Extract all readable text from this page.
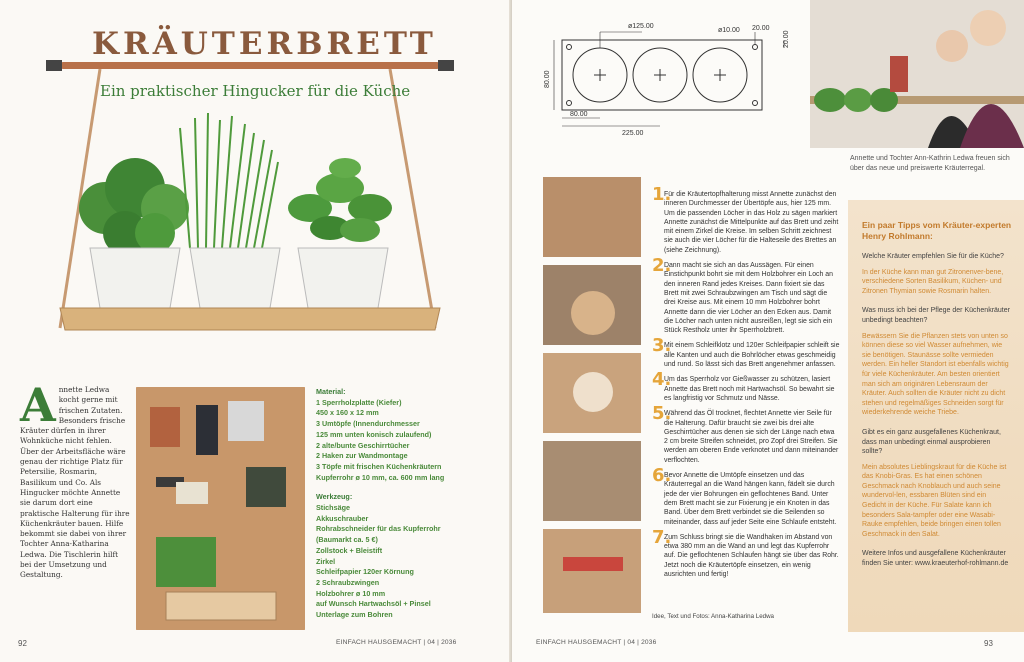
KRÄUTERBRETT
Ein praktischer Hingucker für die Küche
A nnette Ledwa kocht gerne mit frischen Zutaten. Besonders frische Kräuter dürfen in ihrer Wohnküche nicht fehlen. Über der Arbeitsfläche wäre genau der richtige Platz für Petersilie, Rosmarin, Basilikum und Co. Als Hingucker möchte Annette sie darum dort eine praktische Halterung für ihre Küchenkräuter bauen. Hilfe bekommt sie dabei von ihrer Tochter Anna-Katharina Ledwa. Die Tischlerin hilft bei der Umsetzung und Gestaltung.
Material:
1 Sperrholzplatte (Kiefer)
450 x 160 x 12 mm
3 Umtöpfe (Innendurchmesser
125 mm unten konisch zulaufend)
2 alte/bunte Geschirrtücher
2 Haken zur Wandmontage
3 Töpfe mit frischen Küchenkräutern
Kupferrohr ø 10 mm, ca. 600 mm lang
Werkzeug:
Stichsäge
Akkuschrauber
Rohrabschneider für das Kupferrohr
(Baumarkt ca. 5 €)
Zollstock + Bleistift
Zirkel
Schleifpapier 120er Körnung
2 Schraubzwingen
Holzbohrer ø 10 mm
auf Wunsch Hartwachsöl + Pinsel
Unterlage zum Bohren
92	EINFACH HAUSGEMACHT | 04 | 2036
ø125.00
ø10.00 20.00
20.00
80.00
80.00
225.00
Annette und Tochter Ann-Kathrin Ledwa freuen sich über das neue und preiswerte Kräuterregal.
1.
Für die Kräutertopfhalterung misst Annette zunächst den inneren Durchmesser der Übertöpfe aus, hier 125 mm. Um die passenden Löcher in das Holz zu sägen markiert Annette zunächst die Mittelpunkte auf das Brett und zeiht mit einem Zirkel die Kreise. Im selben Schritt zeichnest sie auch die vier Löcher für die Halteseile des Brettes an (siehe Zeichnung).
2.
Dann macht sie sich an das Aussägen. Für einen Einstichpunkt bohrt sie mit dem Holzbohrer ein Loch an den inneren Rand jedes Kreises. Dann fixiert sie das Brett mit zwei Schraubzwingen am Tisch und sägt die drei Kreise aus. Mit einem 10 mm Holzbohrer bohrt Annette dann die vier Löcher an den Ecken aus. Damit die Löcher nach unten nicht ausreißen, legt sie sich ein Stück Restholz unter ihr Sperrholzbrett.
3.
Mit einem Schleifklotz und 120er Schleifpapier schleift sie alle Kanten und auch die Bohrlöcher etwas geschmeidig und rund. So lässt sich das Brett angenehmer anfassen.
4.
Um das Sperrholz vor Gießwasser zu schützen, lasiert Annette das Brett noch mit Hartwachsöl. So bewahrt sie es langfristig vor Schmutz und Nässe.
5.
Während das Öl trocknet, flechtet Annette vier Seile für die Halterung. Dafür braucht sie zwei bis drei alte Geschirrtücher aus denen sie sich der Länge nach etwa 2 cm breite Streifen schneidet, pro Zopf drei Streifen. Sie werden am oberen Ende verknotet und dann miteinander verflochten.
6.
Bevor Annette die Umtöpfe einsetzen und das Kräuterregal an die Wand hängen kann, fädelt sie durch jede der vier Bohrungen ein geflochtenes Band. Unter dem Brett macht sie zur Fixierung je ein Knoten in das Band. Über dem Brett verbindet sie die Seilenden so miteinander, dass auf jeder Seite eine Schlaufe entsteht.
7.
Zum Schluss bringt sie die Wandhaken im Abstand von etwa 380 mm an die Wand an und legt das Kupferrohr auf. Die geflochtenen Schlaufen hängt sie über das Rohr. Jetzt noch die Kräutertöpfe einsetzen, ein wenig ausrichten und fertig!
Idee, Text und Fotos: Anna-Katharina Ledwa
Ein paar Tipps vom Kräuter-experten Henry Rohlmann:
Welche Kräuter empfehlen Sie für die Küche?
In der Küche kann man gut Zitronenver-bene, verschiedene Sorten Basilikum, Küchen- und Zitronen Thymian sowie Rosmarin halten.
Was muss ich bei der Pflege der Küchenkräuter unbedingt beachten?
Bewässern Sie die Pflanzen stets von unten so können diese so viel Wasser aufnehmen, wie sie benötigen. Staunässe sollte vermieden werden. Ein heller Standort ist ebenfalls wichtig für viele Küchenkräuter. Am besten orientiert man sich am originären Lebensraum der Kräuter. Auch sollten die Kräuter nicht zu dicht stehen und regelmäßiges Schneiden sorgt für wiederkehrende weiche Triebe.
Gibt es ein ganz ausgefallenes Küchenkraut, dass man unbedingt einmal ausprobieren sollte?
Mein absolutes Lieblingskraut für die Küche ist das Knobi-Gras. Es hat einen schönen Geschmack nach Knoblauch und auch seine wundervol-len, essbaren Blüten sind ein Gedicht in der Küche. Für Salate kann ich besonders Sala-tampfer oder eine Wasabi-Rauke empfehlen, beide bringen einen tollen Geschmack in den Salat.
Weitere Infos und ausgefallene Küchenkräuter finden Sie unter: www.kraeuterhof-rohlmann.de
EINFACH HAUSGEMACHT | 04 | 2036	93
